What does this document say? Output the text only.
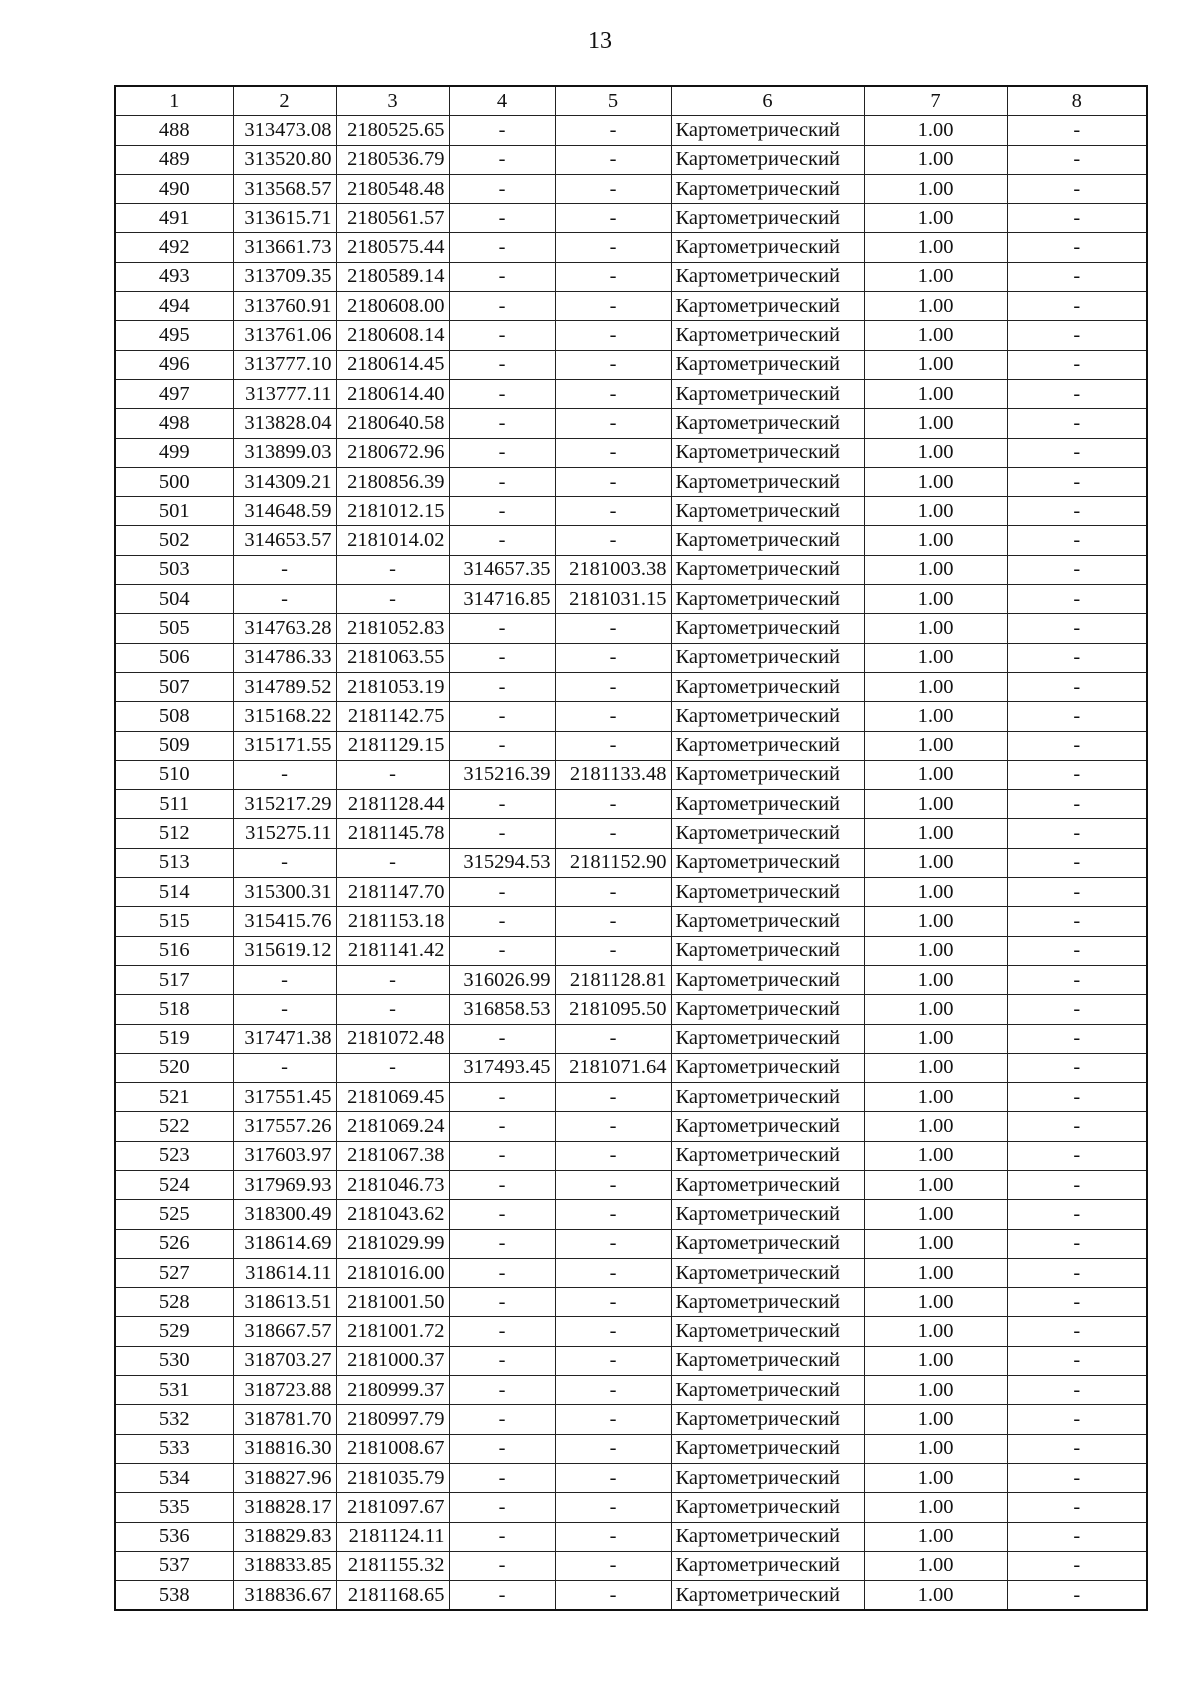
13
1	2	3	4	5	6	7	8
488	313473.08	2180525.65	-	-	Картометрический	1.00	-
489	313520.80	2180536.79	-	-	Картометрический	1.00	-
490	313568.57	2180548.48	-	-	Картометрический	1.00	-
491	313615.71	2180561.57	-	-	Картометрический	1.00	-
492	313661.73	2180575.44	-	-	Картометрический	1.00	-
493	313709.35	2180589.14	-	-	Картометрический	1.00	-
494	313760.91	2180608.00	-	-	Картометрический	1.00	-
495	313761.06	2180608.14	-	-	Картометрический	1.00	-
496	313777.10	2180614.45	-	-	Картометрический	1.00	-
497	313777.11	2180614.40	-	-	Картометрический	1.00	-
498	313828.04	2180640.58	-	-	Картометрический	1.00	-
499	313899.03	2180672.96	-	-	Картометрический	1.00	-
500	314309.21	2180856.39	-	-	Картометрический	1.00	-
501	314648.59	2181012.15	-	-	Картометрический	1.00	-
502	314653.57	2181014.02	-	-	Картометрический	1.00	-
503	-	-	314657.35	2181003.38	Картометрический	1.00	-
504	-	-	314716.85	2181031.15	Картометрический	1.00	-
505	314763.28	2181052.83	-	-	Картометрический	1.00	-
506	314786.33	2181063.55	-	-	Картометрический	1.00	-
507	314789.52	2181053.19	-	-	Картометрический	1.00	-
508	315168.22	2181142.75	-	-	Картометрический	1.00	-
509	315171.55	2181129.15	-	-	Картометрический	1.00	-
510	-	-	315216.39	2181133.48	Картометрический	1.00	-
511	315217.29	2181128.44	-	-	Картометрический	1.00	-
512	315275.11	2181145.78	-	-	Картометрический	1.00	-
513	-	-	315294.53	2181152.90	Картометрический	1.00	-
514	315300.31	2181147.70	-	-	Картометрический	1.00	-
515	315415.76	2181153.18	-	-	Картометрический	1.00	-
516	315619.12	2181141.42	-	-	Картометрический	1.00	-
517	-	-	316026.99	2181128.81	Картометрический	1.00	-
518	-	-	316858.53	2181095.50	Картометрический	1.00	-
519	317471.38	2181072.48	-	-	Картометрический	1.00	-
520	-	-	317493.45	2181071.64	Картометрический	1.00	-
521	317551.45	2181069.45	-	-	Картометрический	1.00	-
522	317557.26	2181069.24	-	-	Картометрический	1.00	-
523	317603.97	2181067.38	-	-	Картометрический	1.00	-
524	317969.93	2181046.73	-	-	Картометрический	1.00	-
525	318300.49	2181043.62	-	-	Картометрический	1.00	-
526	318614.69	2181029.99	-	-	Картометрический	1.00	-
527	318614.11	2181016.00	-	-	Картометрический	1.00	-
528	318613.51	2181001.50	-	-	Картометрический	1.00	-
529	318667.57	2181001.72	-	-	Картометрический	1.00	-
530	318703.27	2181000.37	-	-	Картометрический	1.00	-
531	318723.88	2180999.37	-	-	Картометрический	1.00	-
532	318781.70	2180997.79	-	-	Картометрический	1.00	-
533	318816.30	2181008.67	-	-	Картометрический	1.00	-
534	318827.96	2181035.79	-	-	Картометрический	1.00	-
535	318828.17	2181097.67	-	-	Картометрический	1.00	-
536	318829.83	2181124.11	-	-	Картометрический	1.00	-
537	318833.85	2181155.32	-	-	Картометрический	1.00	-
538	318836.67	2181168.65	-	-	Картометрический	1.00	-
